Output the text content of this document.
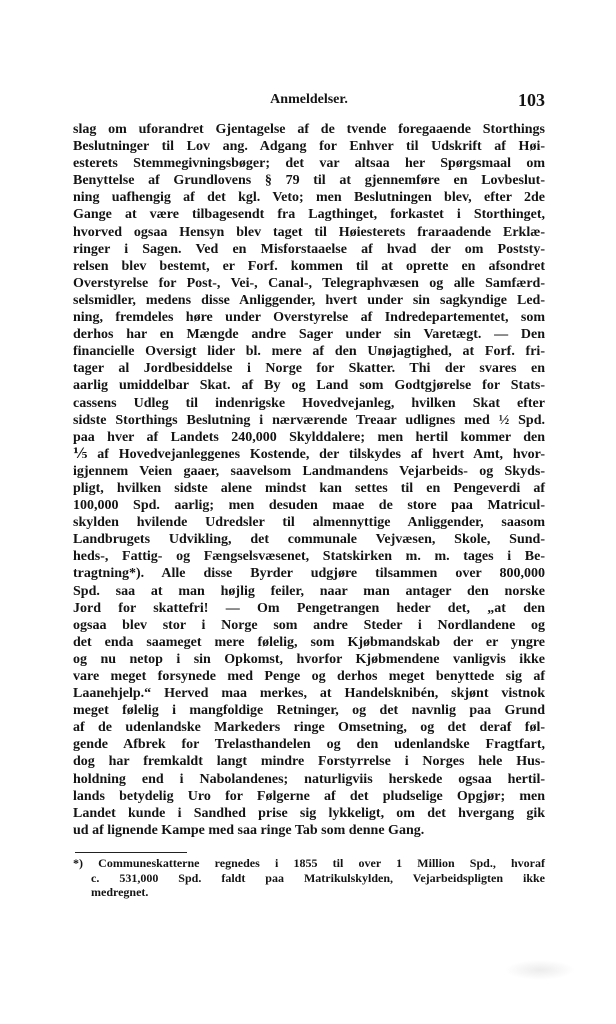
Anmeldelser.	103
slag om uforandret Gjentagelse af de tvende foregaaende Storthings
Beslutninger til Lov ang. Adgang for Enhver til Udskrift af Høi-
esterets Stemmegivningsbøger; det var altsaa her Spørgsmaal om
Benyttelse af Grundlovens § 79 til at gjennemføre en Lovbeslut-
ning uafhengig af det kgl. Veto; men Beslutningen blev, efter 2de
Gange at være tilbagesendt fra Lagthinget, forkastet i Storthinget,
hvorved ogsaa Hensyn blev taget til Høiesterets fraraadende Erklæ-
ringer i Sagen. Ved en Misforstaaelse af hvad der om Poststy-
relsen blev bestemt, er Forf. kommen til at oprette en afsondret
Overstyrelse for Post-, Vei-, Canal-, Telegraphvæsen og alle Samfærd-
selsmidler, medens disse Anliggender, hvert under sin sagkyndige Led-
ning, fremdeles høre under Overstyrelse af Indredepartementet, som
derhos har en Mængde andre Sager under sin Varetægt. — Den
financielle Oversigt lider bl. mere af den Unøjagtighed, at Forf. fri-
tager al Jordbesiddelse i Norge for Skatter. Thi der svares en
aarlig umiddelbar Skat. af By og Land som Godtgjørelse for Stats-
cassens Udleg til indenrigske Hovedvejanleg, hvilken Skat efter
sidste Storthings Beslutning i nærværende Treaar udlignes med ½ Spd.
paa hver af Landets 240,000 Skylddalere; men hertil kommer den
⅕ af Hovedvejanleggenes Kostende, der tilskydes af hvert Amt, hvor-
igjennem Veien gaaer, saavelsom Landmandens Vejarbeids- og Skyds-
pligt, hvilken sidste alene mindst kan settes til en Pengeverdi af
100,000 Spd. aarlig; men desuden maae de store paa Matricul-
skylden hvilende Udredsler til almennyttige Anliggender, saasom
Landbrugets Udvikling, det communale Vejvæsen, Skole, Sund-
heds-, Fattig- og Fængselsvæsenet, Statskirken m. m. tages i Be-
tragtning*). Alle disse Byrder udgjøre tilsammen over 800,000
Spd. saa at man højlig feiler, naar man antager den norske
Jord for skattefri! — Om Pengetrangen heder det, „at den
ogsaa blev stor i Norge som andre Steder i Nordlandene og
det enda saameget mere følelig, som Kjøbmandskab der er yngre
og nu netop i sin Opkomst, hvorfor Kjøbmendene vanligvis ikke
vare meget forsynede med Penge og derhos meget benyttede sig af
Laanehjelp.“ Herved maa merkes, at Handelsknibén, skjønt vistnok
meget følelig i mangfoldige Retninger, og det navnlig paa Grund
af de udenlandske Markeders ringe Omsetning, og det deraf føl-
gende Afbrek for Trelasthandelen og den udenlandske Fragtfart,
dog har fremkaldt langt mindre Forstyrrelse i Norges hele Hus-
holdning end i Nabolandenes; naturligviis herskede ogsaa hertil-
lands betydelig Uro for Følgerne af det pludselige Opgjør; men
Landet kunde i Sandhed prise sig lykkeligt, om det hvergang gik
ud af lignende Kampe med saa ringe Tab som denne Gang.
*) Communeskatterne regnedes i 1855 til over 1 Million Spd., hvoraf
c. 531,000 Spd. faldt paa Matrikulskylden, Vejarbeidspligten ikke
medregnet.
